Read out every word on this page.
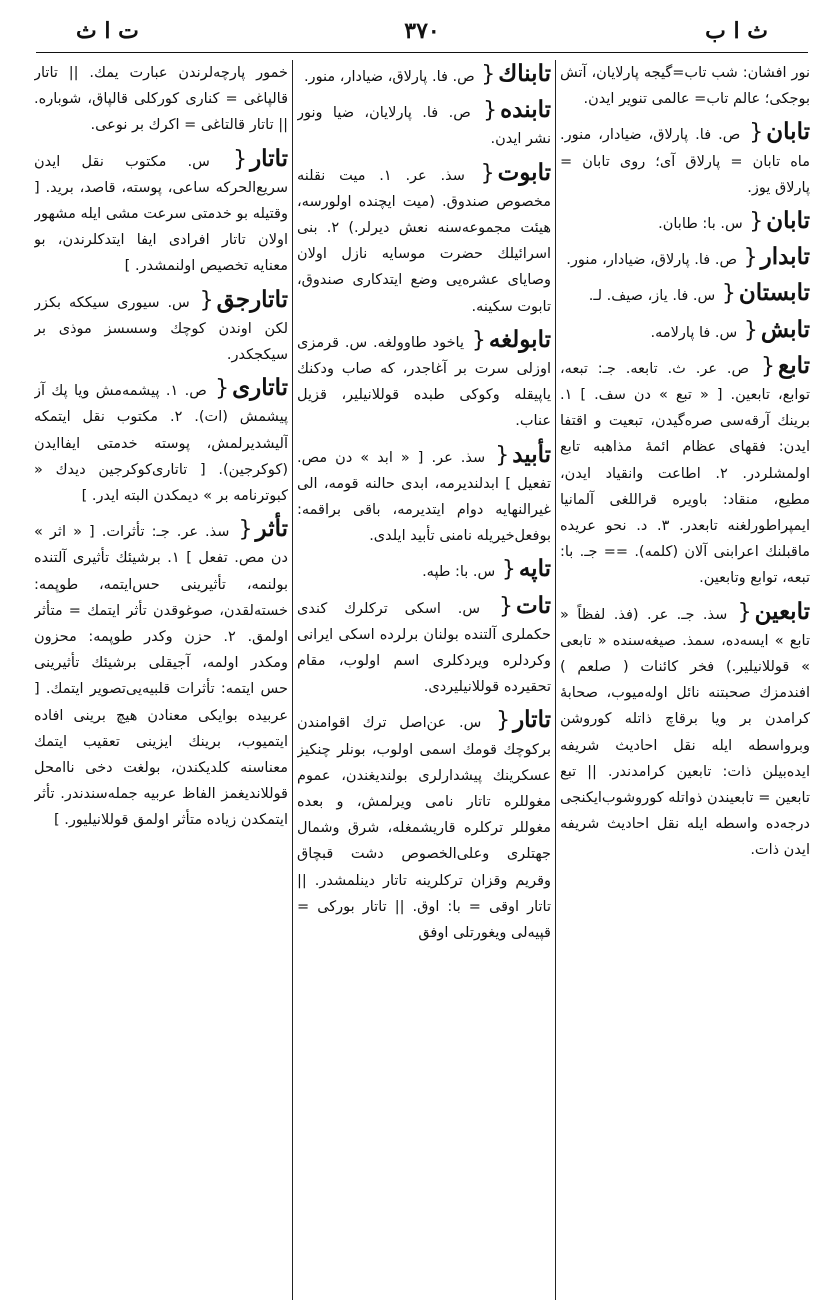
ت ا ث	٣٧٠	ث ا ب
نور افشان: شب تاب=گیجه پارلایان، آتش بوجکی؛ عالم تاب= عالمی تنویر ایدن.
تابان{ ص. فا. پارلاق، ضیادار، منور. ماه تابان = پارلاق آی؛ روی تابان = پارلاق یوز.
تابان{ س. با: طابان.
تابدار{ ص. فا. پارلاق، ضیادار، منور.
تابستان{ س. فا. یاز، صیف. لـ.
تابش{ س. فا پارلامه.
تابع{ ص. عر. ث. تابعه. جـ: تبعه، توابع، تابعین. [ « تبع » دن سف. ] ١. برینك آرقه‌سی صره‌گیدن، تبعیت و اقتفا ایدن: فقهای عظام ائمهٔ مذاهبه تابع اولمشلردر. ٢. اطاعت وانقیاد ایدن، مطیع، منقاد: باویره قراللغی آلمانیا ایمپراطورلغنه تابعدر. ٣. د. نحو عریده ماقبلنك اعرابنی آلان (کلمه). == جـ. با: تبعه، توابع وتابعین.
تابعین{ سذ. جـ. عر. (فذ. لفظاً « تابع » ایسه‌ده، سمذ. صیغه‌سنده « تابعی » قوللانیلیر.) فخر کائنات ( صلعم ) افندمزك صحبتنه نائل اوله‌میوب، صحابهٔ کرامدن بر ویا برقاچ ذاتله کوروشن وبرواسطه ایله نقل احادیث شریفه ایده‌بیلن ذات: تابعین کرامدندر. || تبع تابعین = تابعیندن ذواتله کوروشوب‌ایکنجی درجه‌ده واسطه ایله نقل احادیث شریفه ایدن ذات.
تابناك{ ص. فا. پارلاق، ضیادار، منور.
تابنده{ ص. فا. پارلایان، ضیا ونور نشر ایدن.
تابوت{ سذ. عر. ١. میت نقلنه مخصوص صندوق. (میت ایچنده اولورسه، هیئت مجموعه‌سنه نعش دیرلر.) ٢. بنی اسرائیلك حضرت موسایه نازل اولان وصایای عشره‌یی وضع ایتدکاری صندوق، تابوت سکینه.
تابولغه{ یاخود طاوولغه. س. قرمزی اوزلی سرت بر آغاجدر، که صاب ودکنك یاپیقله وکوکی طبده قوللانیلیر، قزیل عناب.
تأبید{ سذ. عر. [ « ابد » دن مص. تفعیل ] ابدلندیرمه، ابدی حالنه قومه، الی غیرالنهایه دوام ایتدیرمه، باقی براقمه: بوفعل‌خیریله نامنی تأبید ایلدی.
تاپه{ س. با: طپه.
تات{ س. اسکی ترکلرك کندی حکملری آلتنده بولنان برلرده اسکی ایرانی وکردلره ویردکلری اسم اولوب، مقام تحقیرده قوللانیلیردی.
تاتار{ س. عن‌اصل ترك اقوامندن برکوچك قومك اسمی اولوب، بونلر چنکیز عسکرینك پیشدارلری بولندیغندن، عموم مغوللره تاتار نامی ویرلمش، و بعده مغوللر ترکلره قاریشمغله، شرق وشمال جهتلری وعلی‌الخصوص دشت قبچاق وقریم وقزان ترکلرینه تاتار دینلمشدر. || تاتار اوقی = با: اوق. || تاتار بورکی = قپیه‌لی ویغورتلی اوفق
خمور پارچه‌لرندن عبارت یمك. || تاتار قالپاغی = کناری کورکلی قالپاق، شوباره. || تاتار قالتاغی = اکرك بر نوعی.
تاتار{ س. مکتوب نقل ایدن سریع‌الحرکه ساعی، پوسته، قاصد، برید. [ وقتیله بو خدمتی سرعت مشی ایله مشهور اولان تاتار افرادی ایفا ایتدکلرندن، بو معنایه تخصیص اولنمشدر. ]
تاتارجق{ س. سیوری سیککه بکزر لکن اوندن کوچك وسسسز موذی بر سیکجکدر.
تاتاری{ ص. ١. پیشمه‌مش ویا پك آز پیشمش (ات). ٢. مکتوب نقل ایتمکه آلیشدیرلمش، پوسته خدمتی ایفاایدن (کوکرجین). [ تاتاری‌کوکرجین دیدك « کبوترنامه بر » دیمکدن البته ایدر. ]
تأثر{ سذ. عر. جـ: تأثرات. [ « اثر » دن مص. تفعل ] ١. برشیئك تأثیری آلتنده بولنمه، تأثیرینی حس‌ایتمه، طوپمه: خسته‌لقدن، صوغوقدن تأثر ایتمك = متأثر اولمق. ٢. حزن وکدر طوپمه: محزون ومکدر اولمه، آجیقلی برشیئك تأثیرینی حس ایتمه: تأثرات قلبیه‌یی‌تصویر ایتمك. [ عربیده بوایکی معنادن هیچ برینی افاده ایتمیوب، برینك ایزینی تعقیب ایتمك معناسنه کلدیکندن، بولغت دخی ناامحل قوللاندیغمز الفاظ عربیه جمله‌سندندر. تأثر ایتمکدن زیاده متأثر اولمق قوللانیلیور. ]
